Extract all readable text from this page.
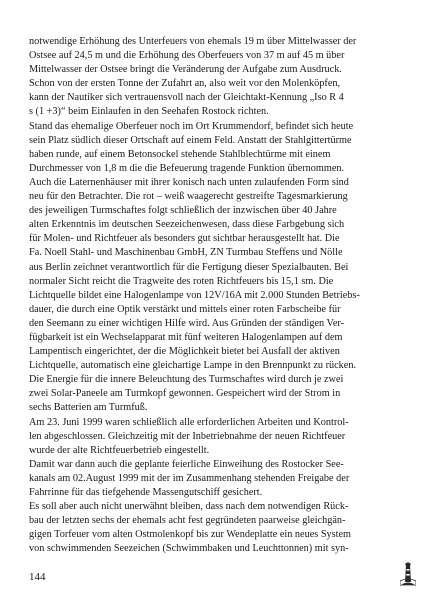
notwendige Erhöhung des Unterfeuers von ehemals 19 m über Mittelwasser der
Ostsee auf 24,5 m und die Erhöhung des Oberfeuers von 37 m auf 45 m über
Mittelwasser der Ostsee bringt die Veränderung der Aufgabe zum Ausdruck.
Schon von der ersten Tonne der Zufahrt an, also weit vor den Molenköpfen,
kann der Nautiker sich vertrauensvoll nach der Gleichtakt-Kennung „Iso R 4
s (1 +3)“ beim Einlaufen in den Seehafen Rostock richten.
Stand das ehemalige Oberfeuer noch im Ort Krummendorf, befindet sich heute
sein Platz südlich dieser Ortschaft auf einem Feld. Anstatt der Stahlgittertürme
haben runde, auf einem Betonsockel stehende Stahlblechtürme mit einem
Durchmesser von 1,8 m die die Befeuerung tragende Funktion übernommen.
Auch die Laternenhäuser mit ihrer konisch nach unten zulaufenden Form sind
neu für den Betrachter. Die rot – weiß waagerecht gestreifte Tagesmarkierung
des jeweiligen Turmschaftes folgt schließlich der inzwischen über 40 Jahre
alten Erkenntnis im deutschen Seezeichenwesen, dass diese Farbgebung sich
für Molen- und Richtfeuer als besonders gut sichtbar herausgestellt hat. Die
Fa. Noell Stahl- und Maschinenbau GmbH, ZN Turmbau Steffens und Nölle
aus Berlin zeichnet verantwortlich für die Fertigung dieser Spezialbauten. Bei
normaler Sicht reicht die Tragweite des roten Richtfeuers bis 15,1 sm. Die
Lichtquelle bildet eine Halogenlampe von 12V/16A mit 2.000 Stunden Betriebs-
dauer, die durch eine Optik verstärkt und mittels einer roten Farbscheibe für
den Seemann zu einer wichtigen Hilfe wird. Aus Gründen der ständigen Ver-
fügbarkeit ist ein Wechselapparat mit fünf weiteren Halogenlampen auf dem
Lampentisch eingerichtet, der die Möglichkeit bietet bei Ausfall der aktiven
Lichtquelle, automatisch eine gleichartige Lampe in den Brennpunkt zu rücken.
Die Energie für die innere Beleuchtung des Turmschaftes wird durch je zwei
zwei Solar-Paneele am Turmkopf gewonnen. Gespeichert wird der Strom in
sechs Batterien am Turmfuß.
Am 23. Juni 1999 waren schließlich alle erforderlichen Arbeiten und Kontrol-
len abgeschlossen. Gleichzeitig mit der Inbetriebnahme der neuen Richtfeuer
wurde der alte Richtfeuerbetrieb eingestellt.
Damit war dann auch die geplante feierliche Einweihung des Rostocker See-
kanals am 02.August 1999 mit der im Zusammenhang stehenden Freigabe der
Fahrrinne für das tiefgehende Massengutschiff gesichert.
Es soll aber auch nicht unerwähnt bleiben, dass nach dem notwendigen Rück-
bau der letzten sechs der ehemals acht fest gegründeten paarweise gleichgän-
gigen Torfeuer vom alten Ostmolenkopf bis zur Wendeplatte ein neues System
von schwimmenden Seezeichen (Schwimmbaken und Leuchttonnen) mit syn-
144
